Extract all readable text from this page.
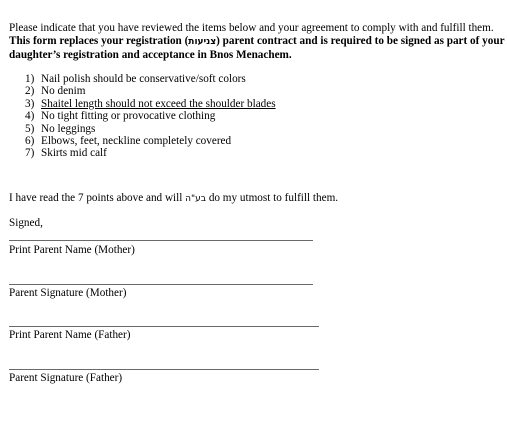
Please indicate that you have reviewed the items below and your agreement to comply with and fulfill them.
This form replaces your registration (צניעות) parent contract and is required to be signed as part of your
daughter’s registration and acceptance in Bnos Menachem.
1) Nail polish should be conservative/soft colors
2) No denim
3) Shaitel length should not exceed the shoulder blades
4) No tight fitting or provocative clothing
5) No leggings
6) Elbows, feet, neckline completely covered
7) Skirts mid calf
I have read the 7 points above and will בע"ה do my utmost to fulfill them.
Signed,
Print Parent Name (Mother)
Parent Signature (Mother)
Print Parent Name (Father)
Parent Signature (Father)
